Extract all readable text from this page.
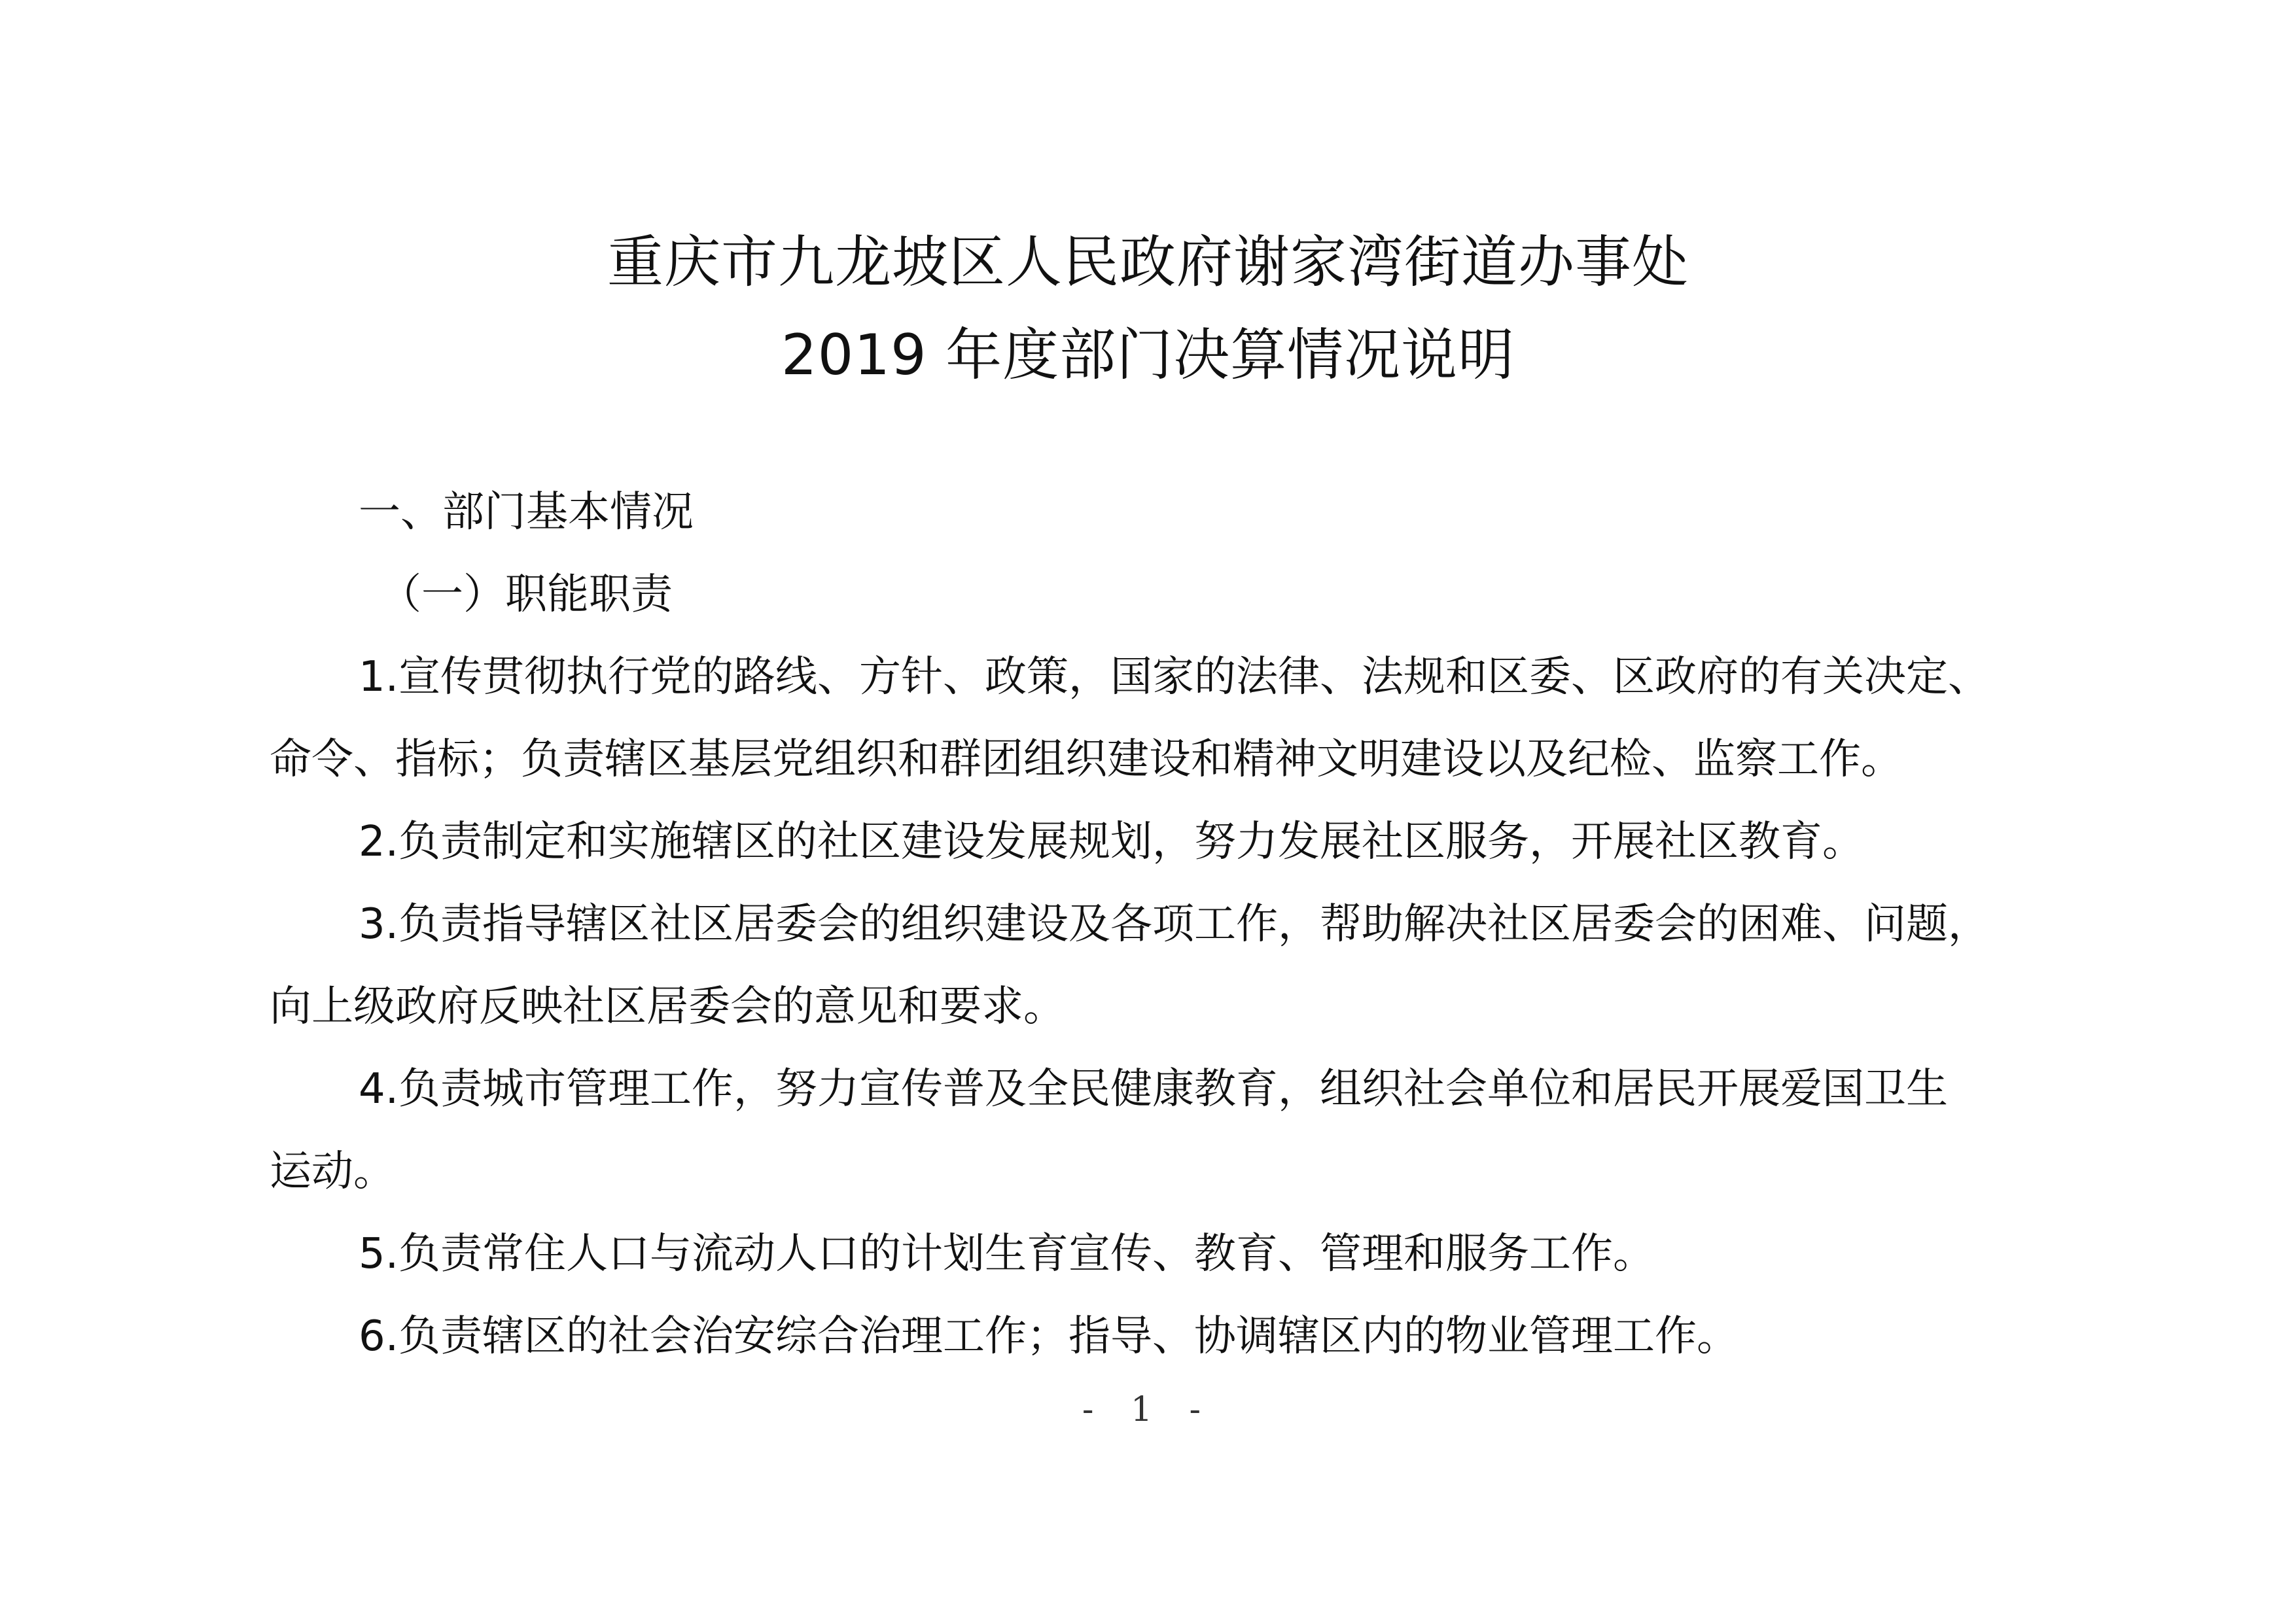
重庆市九龙坡区人民政府谢家湾街道办事处
2019 年度部门决算情况说明

一、部门基本情况

（一）职能职责

1.宣传贯彻执行党的路线、方针、政策，国家的法律、法规和区委、区政府的有关决定、

命令、指标；负责辖区基层党组织和群团组织建设和精神文明建设以及纪检、监察工作。

2.负责制定和实施辖区的社区建设发展规划，努力发展社区服务，开展社区教育。

3.负责指导辖区社区居委会的组织建设及各项工作，帮助解决社区居委会的困难、问题，

向上级政府反映社区居委会的意见和要求。

4.负责城市管理工作，努力宣传普及全民健康教育，组织社会单位和居民开展爱国卫生

运动。

5.负责常住人口与流动人口的计划生育宣传、教育、管理和服务工作。

6.负责辖区的社会治安综合治理工作；指导、协调辖区内的物业管理工作。

- 1 -
